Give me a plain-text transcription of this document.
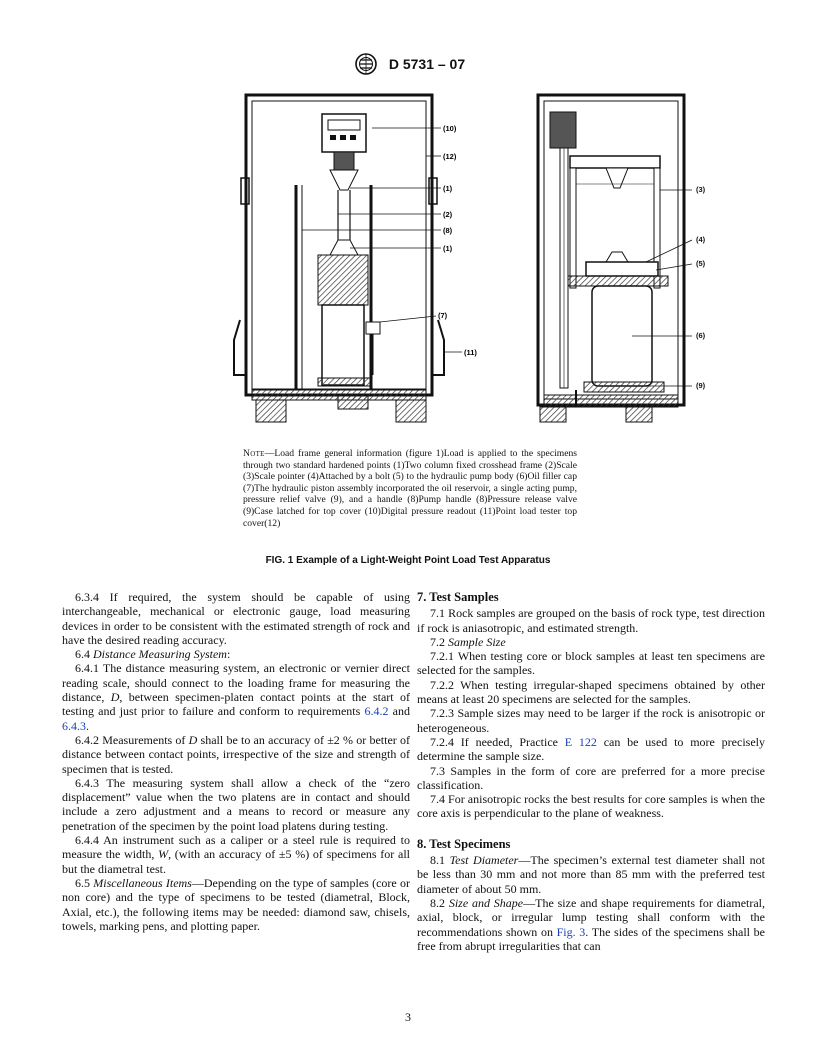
D 5731 – 07
(10)
(12)
(1)
(2)
(8)
(1)
(7)
(11)
(3)
(4)
(5)
(6)
(9)
Note—Load frame general information (figure 1)Load is applied to the specimens through two standard hardened points (1)Two column fixed crosshead frame (2)Scale (3)Scale pointer (4)Attached by a bolt (5) to the hydraulic pump body (6)Oil filler cap (7)The hydraulic piston assembly incorporated the oil reservoir, a single acting pump, pressure relief valve (9), and a handle (8)Pump handle (8)Pressure release valve (9)Case latched for top cover (10)Digital pressure readout (11)Point load tester top cover(12)
FIG. 1 Example of a Light-Weight Point Load Test Apparatus

6.3.4 If required, the system should be capable of using interchangeable, mechanical or electronic gauge, load measuring devices in order to be consistent with the estimated strength of rock and have the desired reading accuracy.

6.4 Distance Measuring System:

6.4.1 The distance measuring system, an electronic or vernier direct reading scale, should connect to the loading frame for measuring the distance, D, between specimen-platen contact points at the start of testing and just prior to failure and conform to requirements 6.4.2 and 6.4.3.

6.4.2 Measurements of D shall be to an accuracy of ±2 % or better of distance between contact points, irrespective of the size and strength of specimen that is tested.

6.4.3 The measuring system shall allow a check of the “zero displacement” value when the two platens are in contact and should include a zero adjustment and a means to record or measure any penetration of the specimen by the point load platens during testing.

6.4.4 An instrument such as a caliper or a steel rule is required to measure the width, W, (with an accuracy of ±5 %) of specimens for all but the diametral test.

6.5 Miscellaneous Items—Depending on the type of samples (core or non core) and the type of specimens to be tested (diametral, Block, Axial, etc.), the following items may be needed: diamond saw, chisels, towels, marking pens, and plotting paper.

7. Test Samples

7.1 Rock samples are grouped on the basis of rock type, test direction if rock is aniasotropic, and estimated strength.

7.2 Sample Size

7.2.1 When testing core or block samples at least ten specimens are selected for the samples.

7.2.2 When testing irregular-shaped specimens obtained by other means at least 20 specimens are selected for the samples.

7.2.3 Sample sizes may need to be larger if the rock is anisotropic or heterogeneous.

7.2.4 If needed, Practice E 122 can be used to more precisely determine the sample size.

7.3 Samples in the form of core are preferred for a more precise classification.

7.4 For anisotropic rocks the best results for core samples is when the core axis is perpendicular to the plane of weakness.

8. Test Specimens

8.1 Test Diameter—The specimen’s external test diameter shall not be less than 30 mm and not more than 85 mm with the preferred test diameter of about 50 mm.

8.2 Size and Shape—The size and shape requirements for diametral, axial, block, or irregular lump testing shall conform with the recommendations shown on Fig. 3. The sides of the specimens shall be free from abrupt irregularities that can

3
